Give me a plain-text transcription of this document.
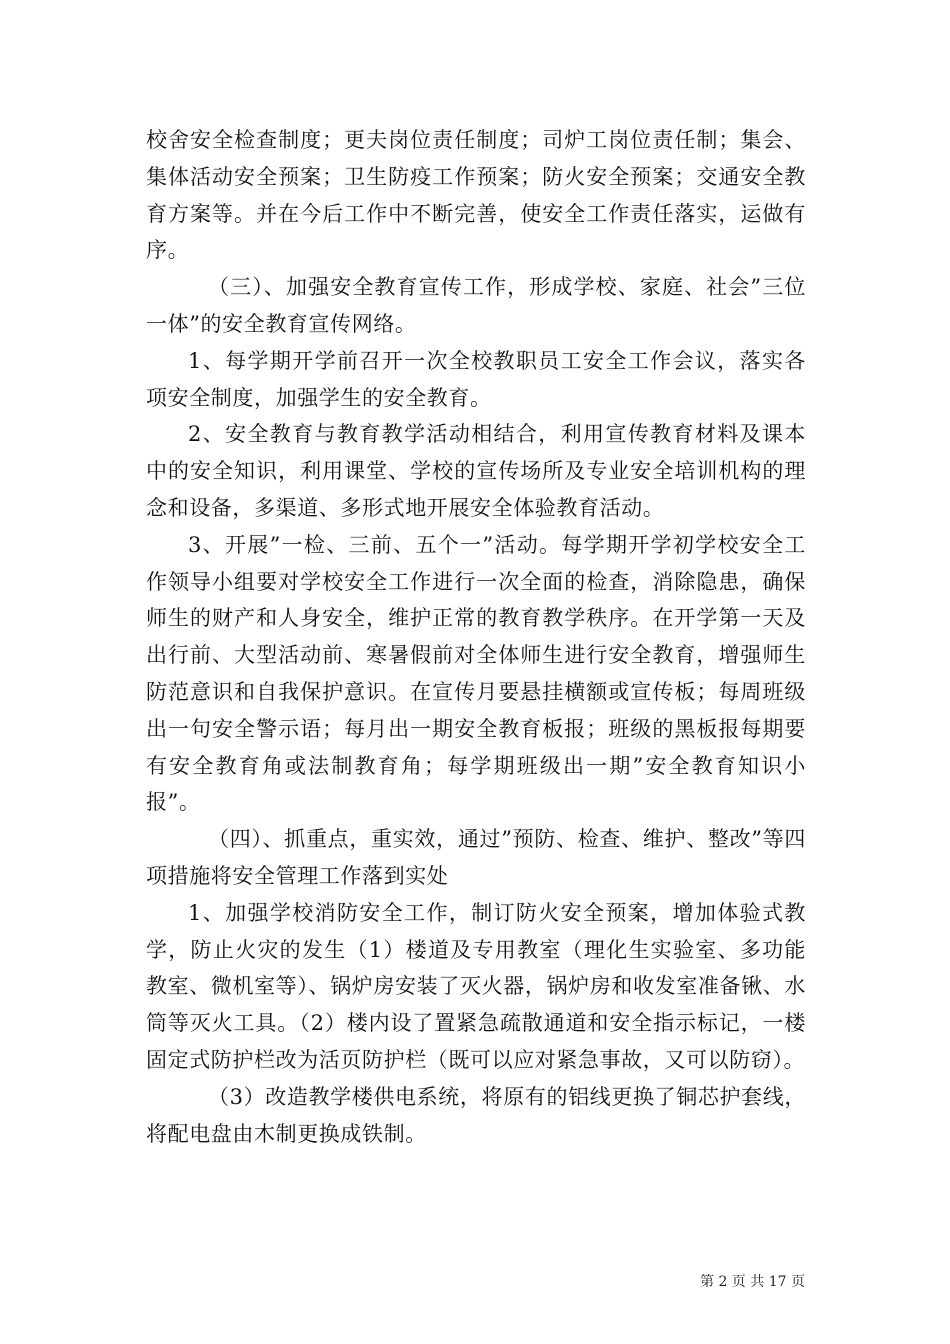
校舍安全检查制度；更夫岗位责任制度；司炉工岗位责任制；集会、集体活动安全预案；卫生防疫工作预案；防火安全预案；交通安全教育方案等。并在今后工作中不断完善，使安全工作责任落实，运做有序。

（三）、加强安全教育宣传工作，形成学校、家庭、社会”三位一体”的安全教育宣传网络。

1、每学期开学前召开一次全校教职员工安全工作会议，落实各项安全制度，加强学生的安全教育。

2、安全教育与教育教学活动相结合，利用宣传教育材料及课本中的安全知识，利用课堂、学校的宣传场所及专业安全培训机构的理念和设备，多渠道、多形式地开展安全体验教育活动。

3、开展”一检、三前、五个一”活动。每学期开学初学校安全工作领导小组要对学校安全工作进行一次全面的检查，消除隐患，确保师生的财产和人身安全，维护正常的教育教学秩序。在开学第一天及出行前、大型活动前、寒暑假前对全体师生进行安全教育，增强师生防范意识和自我保护意识。在宣传月要悬挂横额或宣传板；每周班级出一句安全警示语；每月出一期安全教育板报；班级的黑板报每期要有安全教育角或法制教育角；每学期班级出一期”安全教育知识小报”。

（四）、抓重点，重实效，通过”预防、检查、维护、整改”等四项措施将安全管理工作落到实处

1、加强学校消防安全工作，制订防火安全预案，增加体验式教学，防止火灾的发生（1）楼道及专用教室（理化生实验室、多功能教室、微机室等）、锅炉房安装了灭火器，锅炉房和收发室准备锹、水筒等灭火工具。（2）楼内设了置紧急疏散通道和安全指示标记，一楼固定式防护栏改为活页防护栏（既可以应对紧急事故，又可以防窃）。

（3）改造教学楼供电系统，将原有的铝线更换了铜芯护套线，将配电盘由木制更换成铁制。

第 2 页 共 17 页
